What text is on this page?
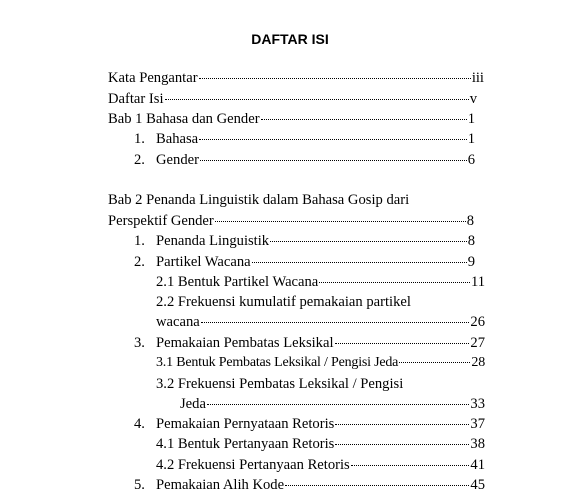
DAFTAR ISI
Kata Pengantar	iii
Daftar Isi	v
Bab 1 Bahasa dan Gender	1
1. Bahasa	1
2. Gender	6
Bab 2 Penanda Linguistik dalam Bahasa Gosip dari
Perspektif Gender	8
1. Penanda Linguistik	8
2. Partikel Wacana	9
2.1 Bentuk Partikel Wacana	11
2.2 Frekuensi kumulatif pemakaian partikel
wacana	26
3. Pemakaian Pembatas Leksikal	27
3.1 Bentuk Pembatas Leksikal / Pengisi Jeda	28
3.2 Frekuensi Pembatas Leksikal / Pengisi
Jeda	33
4. Pemakaian Pernyataan Retoris	37
4.1 Bentuk Pertanyaan Retoris	38
4.2 Frekuensi Pertanyaan Retoris	41
5. Pemakaian Alih Kode	45
